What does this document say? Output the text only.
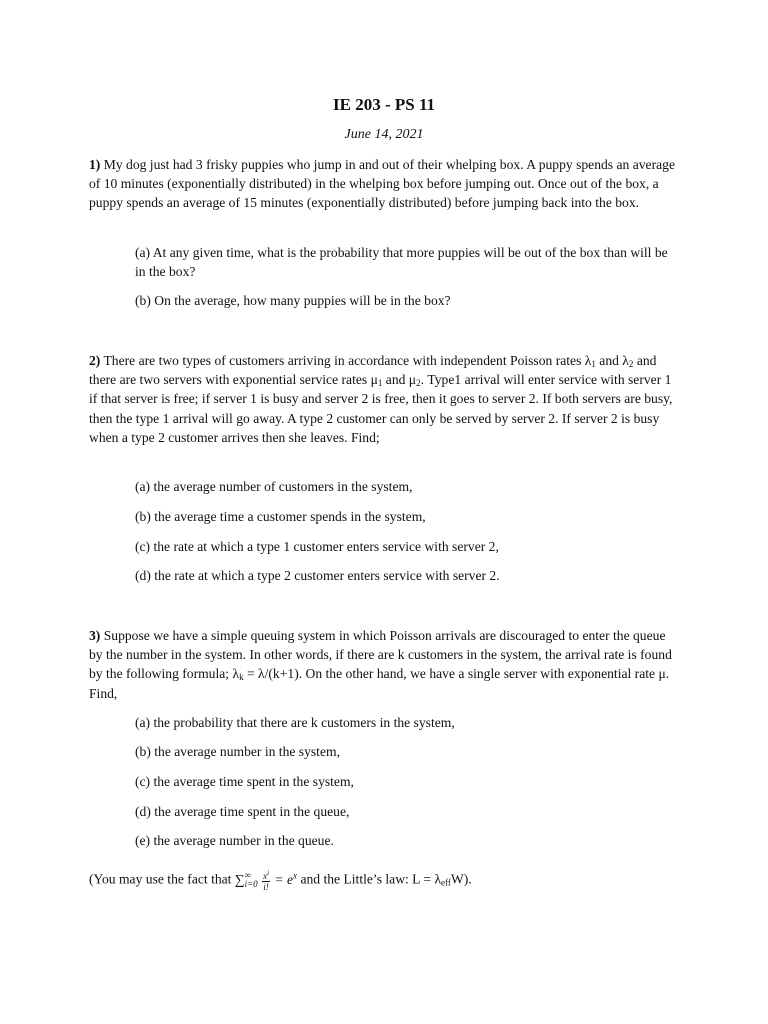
IE 203 - PS 11
June 14, 2021

1) My dog just had 3 frisky puppies who jump in and out of their whelping box. A puppy spends an average of 10 minutes (exponentially distributed) in the whelping box before jumping out. Once out of the box, a puppy spends an average of 15 minutes (exponentially distributed) before jumping back into the box.

(a) At any given time, what is the probability that more puppies will be out of the box than will be in the box?

(b) On the average, how many puppies will be in the box?

2) There are two types of customers arriving in accordance with independent Poisson rates $\lambda_1$ and $\lambda_2$ and there are two servers with exponential service rates $\mu_1$ and $\mu_2$. Type1 arrival will enter service with server 1 if that server is free; if server 1 is busy and server 2 is free, then it goes to server 2. If both servers are busy, then the type 1 arrival will go away. A type 2 customer can only be served by server 2. If server 2 is busy when a type 2 customer arrives then she leaves. Find;

(a) the average number of customers in the system,

(b) the average time a customer spends in the system,

(c) the rate at which a type 1 customer enters service with server 2,

(d) the rate at which a type 2 customer enters service with server 2.

3) Suppose we have a simple queuing system in which Poisson arrivals are discouraged to enter the queue by the number in the system. In other words, if there are k customers in the system, the arrival rate is found by the following formula; $\lambda_k = \lambda/(k+1)$. On the other hand, we have a single server with exponential rate μ. Find,

(a) the probability that there are k customers in the system,

(b) the average number in the system,

(c) the average time spent in the system,

(d) the average time spent in the queue,

(e) the average number in the queue.

(You may use the fact that ∑ ∞
i=0
$\frac{x^i}{i!} = e^x$ and the Little’s law: $L = \lambda_{eff}W$).
